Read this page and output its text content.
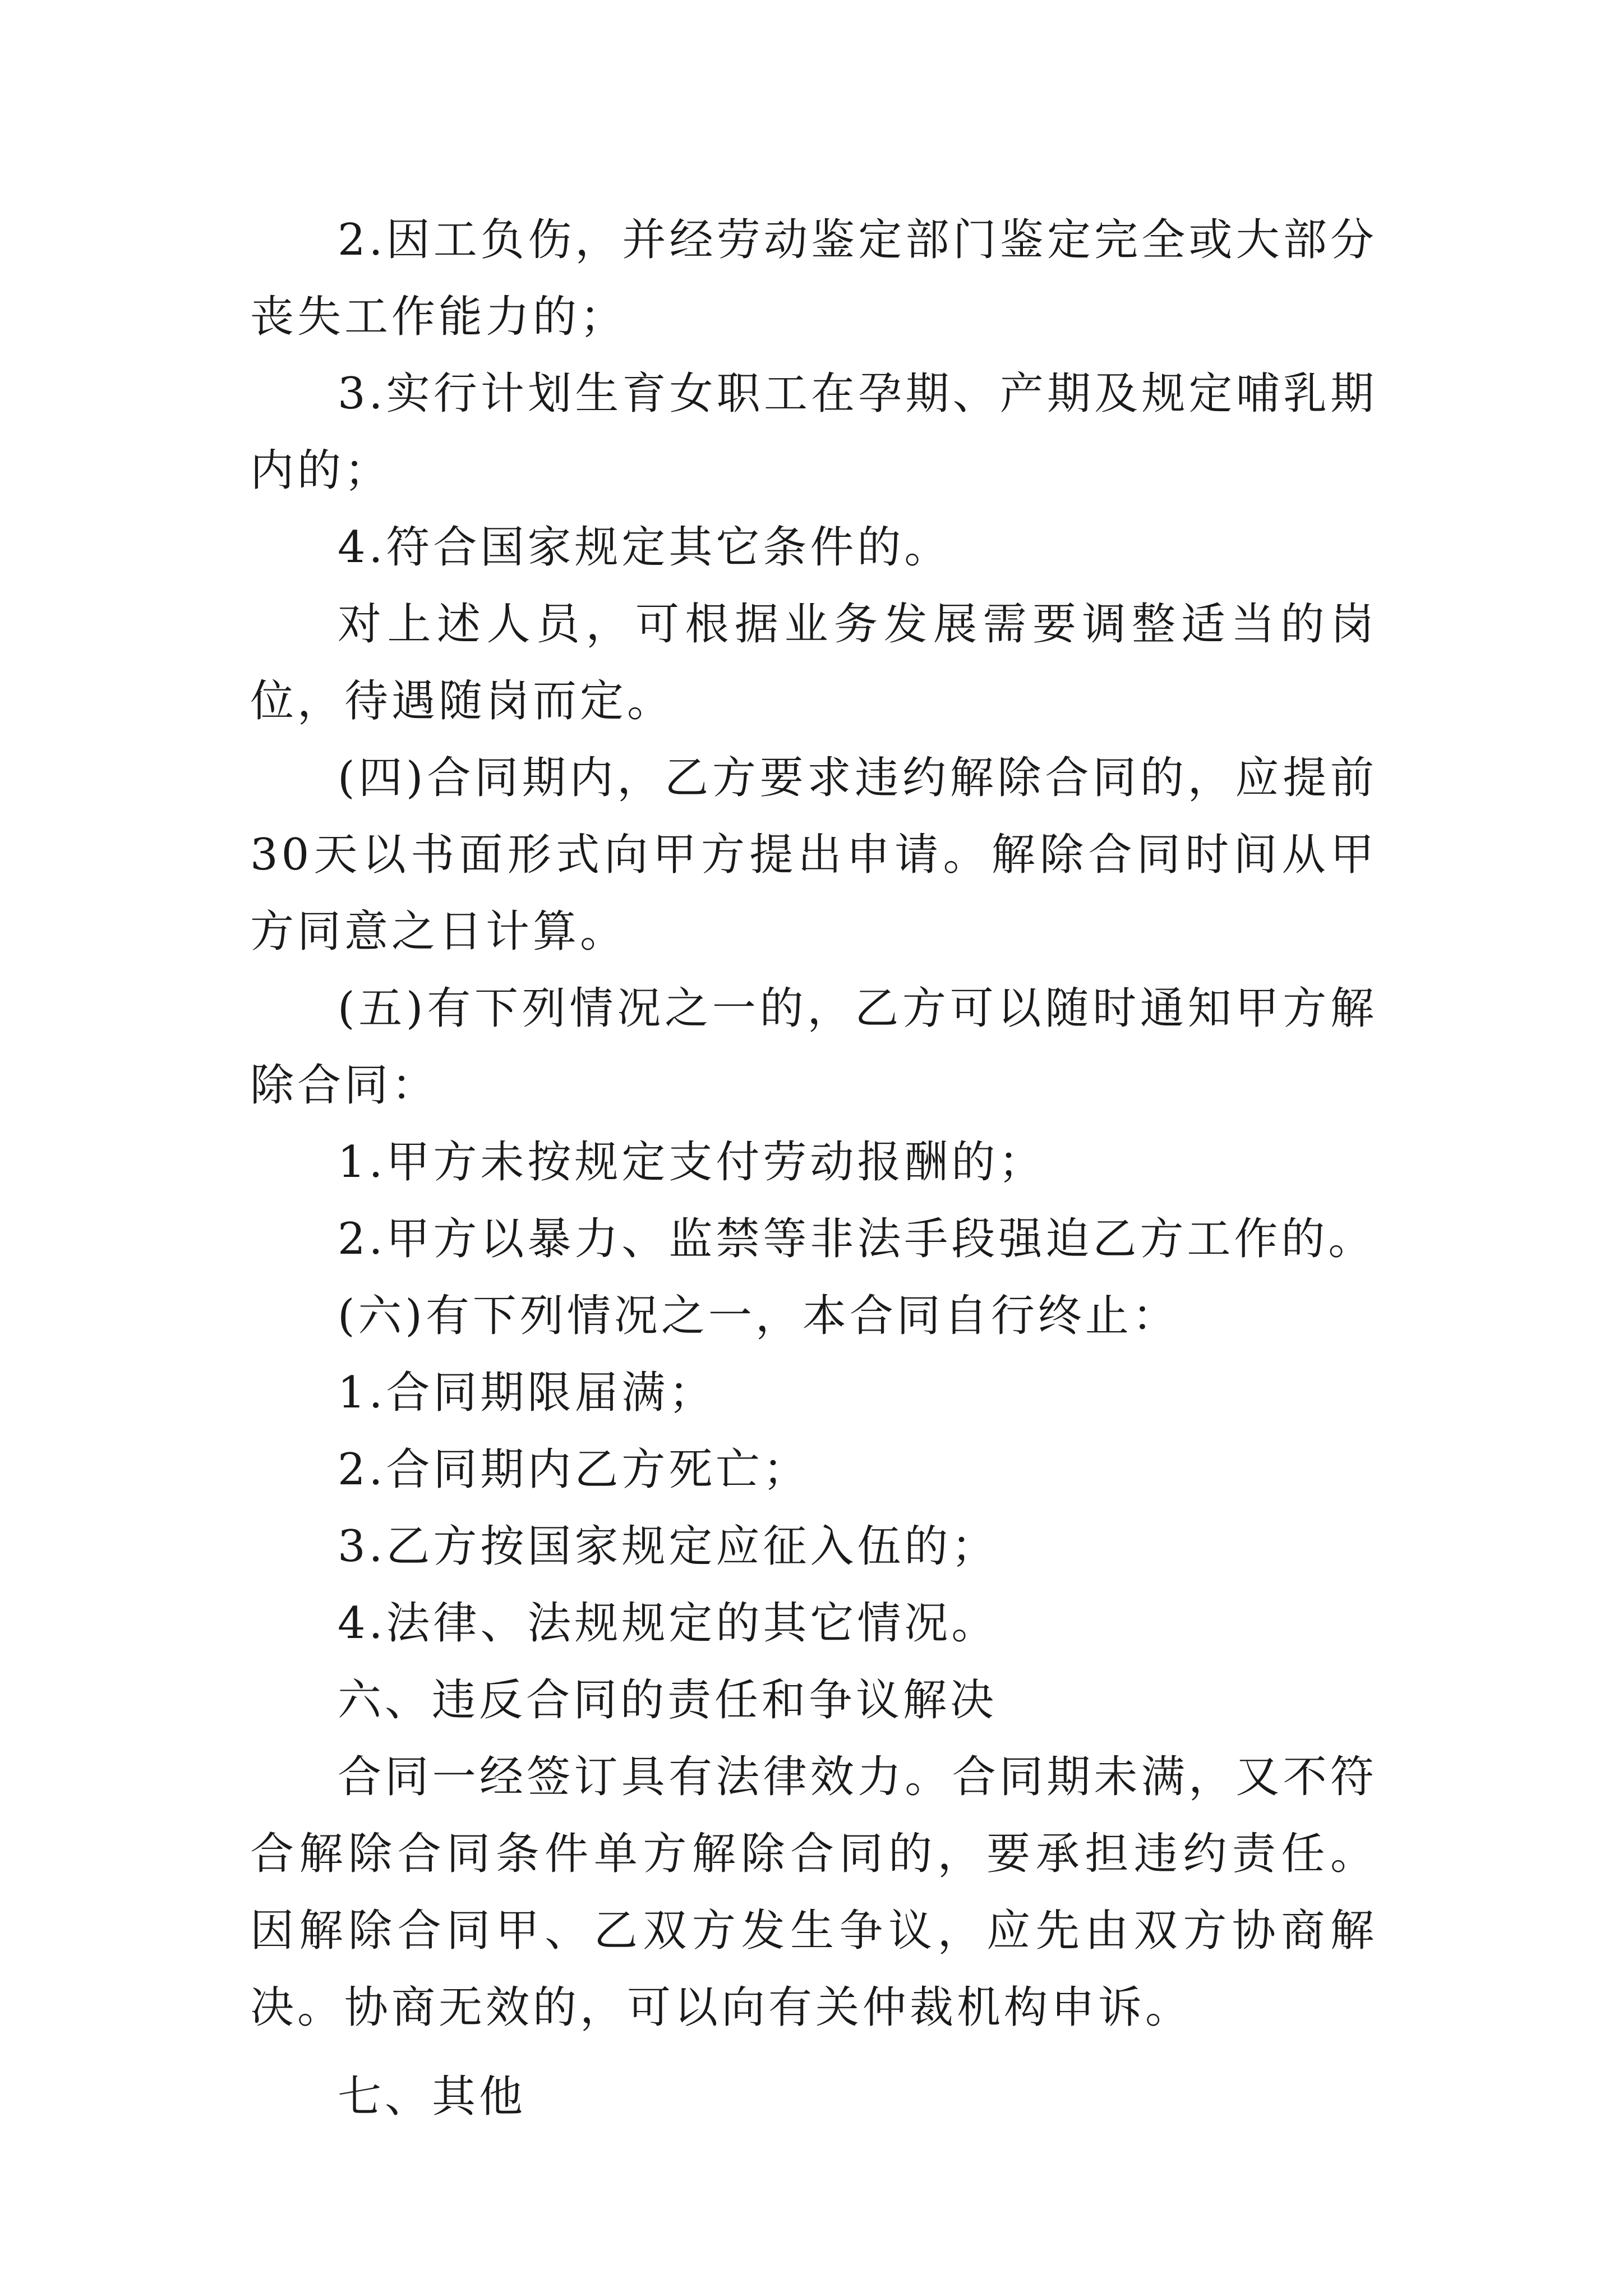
2.因工负伤，并经劳动鉴定部门鉴定完全或大部分丧失工作能力的；

3.实行计划生育女职工在孕期、产期及规定哺乳期内的；

4.符合国家规定其它条件的。

对上述人员，可根据业务发展需要调整适当的岗位，待遇随岗而定。

(四)合同期内，乙方要求违约解除合同的，应提前30天以书面形式向甲方提出申请。解除合同时间从甲方同意之日计算。

(五)有下列情况之一的，乙方可以随时通知甲方解除合同：

1.甲方未按规定支付劳动报酬的；

2.甲方以暴力、监禁等非法手段强迫乙方工作的。

(六)有下列情况之一，本合同自行终止：

1.合同期限届满；

2.合同期内乙方死亡；

3.乙方按国家规定应征入伍的；

4.法律、法规规定的其它情况。

六、违反合同的责任和争议解决

合同一经签订具有法律效力。合同期未满，又不符合解除合同条件单方解除合同的，要承担违约责任。因解除合同甲、乙双方发生争议，应先由双方协商解决。协商无效的，可以向有关仲裁机构申诉。

七、其他
